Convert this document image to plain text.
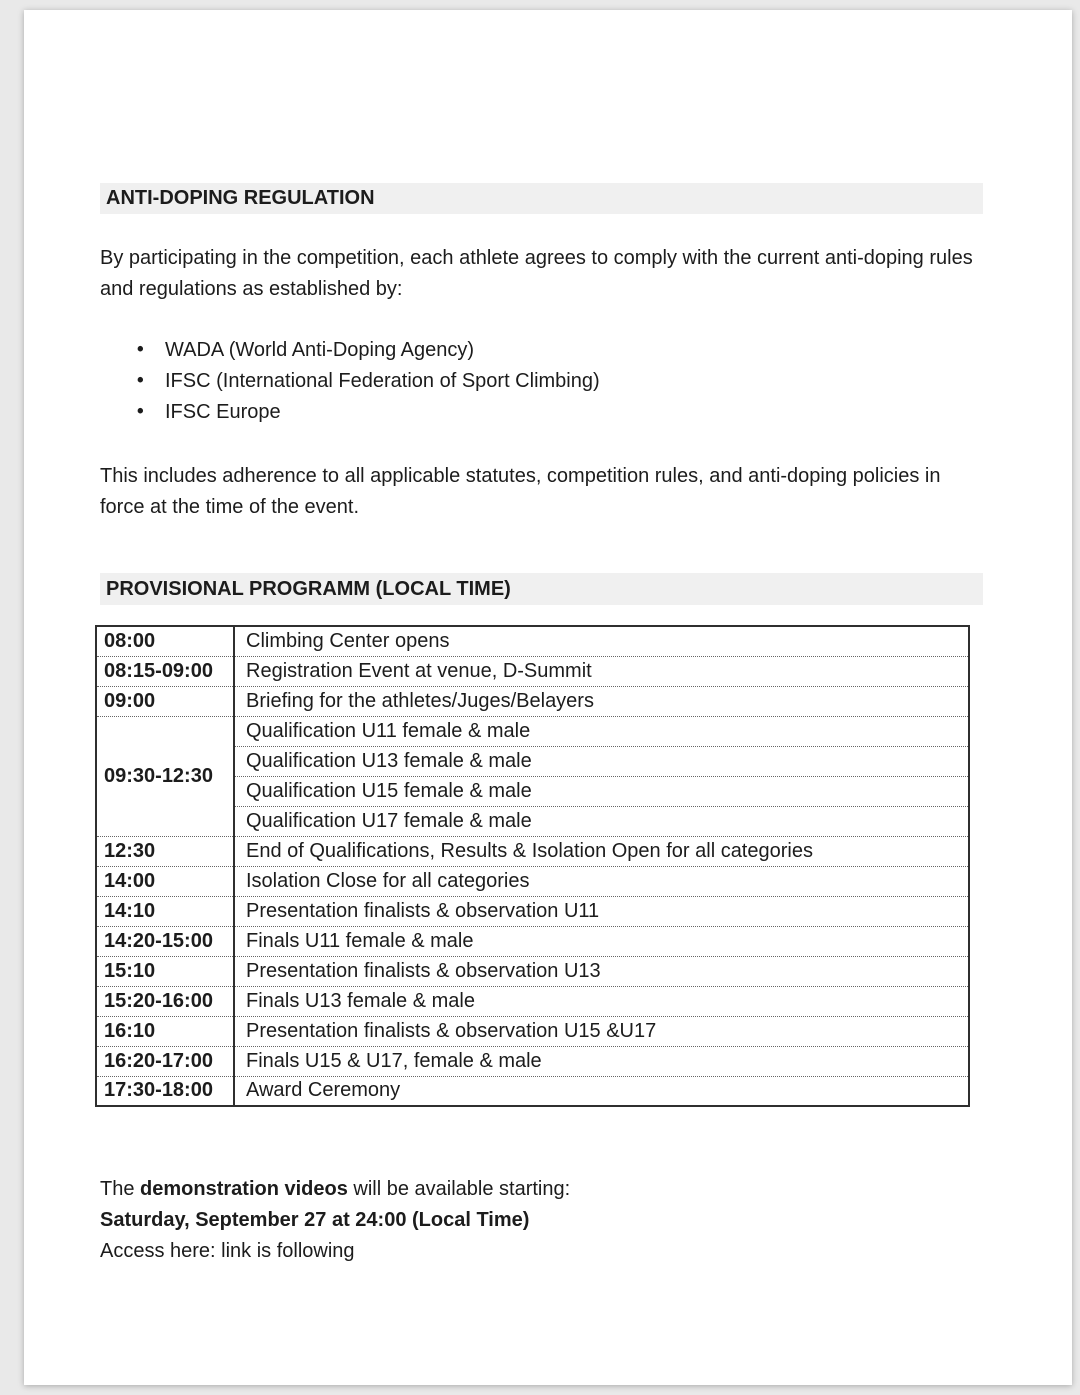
ANTI-DOPING REGULATION

By participating in the competition, each athlete agrees to comply with the current anti-doping rules and regulations as established by:

• WADA (World Anti-Doping Agency)
• IFSC (International Federation of Sport Climbing)
• IFSC Europe

This includes adherence to all applicable statutes, competition rules, and anti-doping policies in force at the time of the event.

PROVISIONAL PROGRAMM (LOCAL TIME)
08:00	Climbing Center opens
08:15-09:00	Registration Event at venue, D-Summit
09:00	Briefing for the athletes/Juges/Belayers
09:30-12:30	Qualification U11 female & male
	Qualification U13 female & male
	Qualification U15 female & male
	Qualification U17 female & male
12:30	End of Qualifications, Results & Isolation Open for all categories
14:00	Isolation Close for all categories
14:10	Presentation finalists & observation U11
14:20-15:00	Finals U11 female & male
15:10	Presentation finalists & observation U13
15:20-16:00	Finals U13 female & male
16:10	Presentation finalists & observation U15 &U17
16:20-17:00	Finals U15 & U17, female & male
17:30-18:00	Award Ceremony

The demonstration videos will be available starting:

Saturday, September 27 at 24:00 (Local Time)

Access here: link is following
